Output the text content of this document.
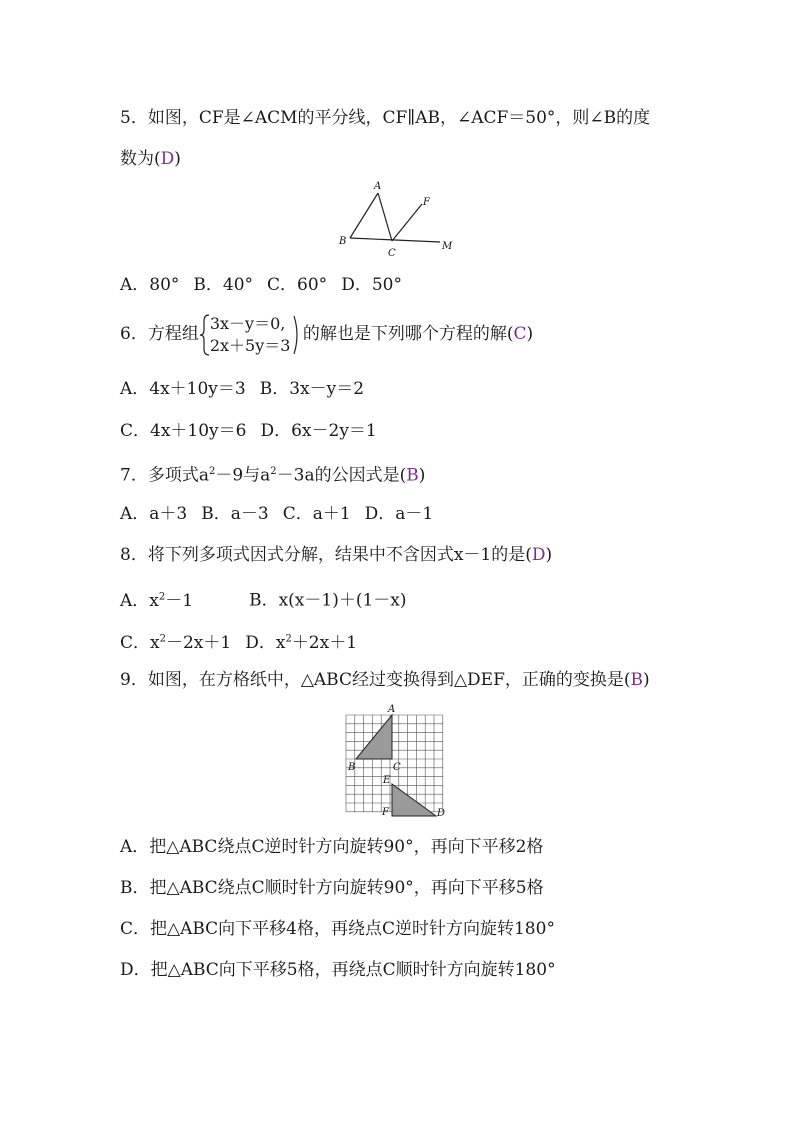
5．如图，CF是∠ACM的平分线，CF∥AB，∠ACF＝50°，则∠B的度
数为(D)
A
B
C
F
M
A．80° B．40° C．60° D．50°
6．方程组
3x－y＝0,
2x＋5y＝3
的解也是下列哪个方程的解(C)
A．4x＋10y＝3 B．3x－y＝2
C．4x＋10y＝6 D．6x－2y＝1
7．多项式$a^2-9$与$a^2-3a$的公因式是(B)
A．a＋3 B．a－3 C．a＋1 D．a－1
8．将下列多项式因式分解，结果中不含因式x－1的是(D)
A．$x^2-1$	B．x(x－1)＋(1－x)
C．$x^2-2x+1$ D．$x^2+2x+1$
9．如图，在方格纸中，△ABC经过变换得到△DEF，正确的变换是(B)
A
B	C
E
F	D
A．把△ABC绕点C逆时针方向旋转90°，再向下平移2格
B．把△ABC绕点C顺时针方向旋转90°，再向下平移5格
C．把△ABC向下平移4格，再绕点C逆时针方向旋转180°
D．把△ABC向下平移5格，再绕点C顺时针方向旋转180°
